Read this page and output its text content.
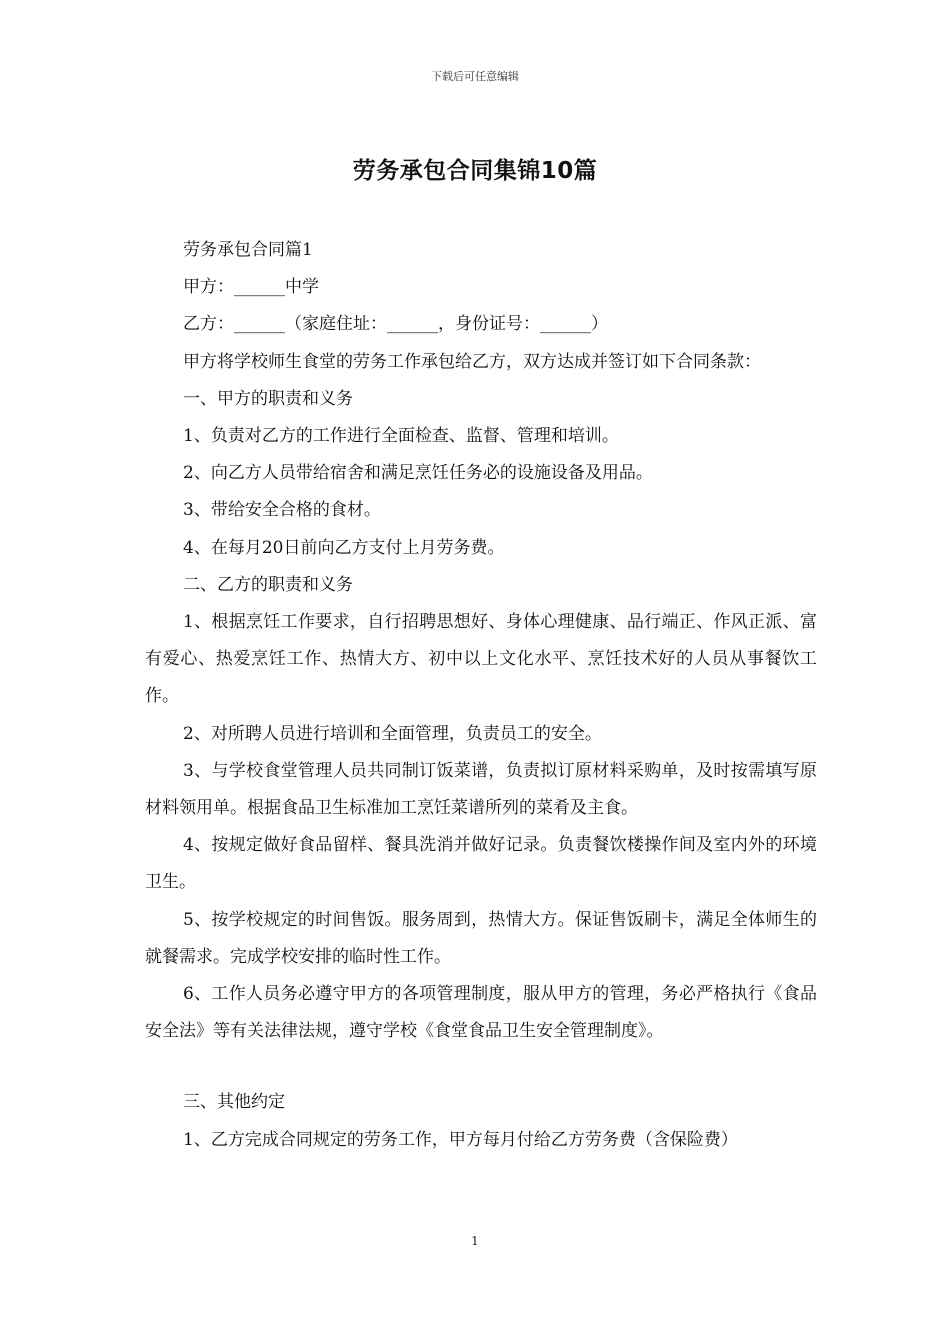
下载后可任意编辑
劳务承包合同集锦10篇

劳务承包合同篇1

甲方：______中学

乙方：______（家庭住址：______，身份证号：______）

甲方将学校师生食堂的劳务工作承包给乙方，双方达成并签订如下合同条款：

一、甲方的职责和义务

1、负责对乙方的工作进行全面检查、监督、管理和培训。

2、向乙方人员带给宿舍和满足烹饪任务必的设施设备及用品。

3、带给安全合格的食材。

4、在每月20日前向乙方支付上月劳务费。

二、乙方的职责和义务

1、根据烹饪工作要求，自行招聘思想好、身体心理健康、品行端正、作风正派、富有爱心、热爱烹饪工作、热情大方、初中以上文化水平、烹饪技术好的人员从事餐饮工作。

2、对所聘人员进行培训和全面管理，负责员工的安全。

3、与学校食堂管理人员共同制订饭菜谱，负责拟订原材料采购单，及时按需填写原材料领用单。根据食品卫生标准加工烹饪菜谱所列的菜肴及主食。

4、按规定做好食品留样、餐具洗消并做好记录。负责餐饮楼操作间及室内外的环境卫生。

5、按学校规定的时间售饭。服务周到，热情大方。保证售饭刷卡，满足全体师生的就餐需求。完成学校安排的临时性工作。

6、工作人员务必遵守甲方的各项管理制度，服从甲方的管理，务必严格执行《食品安全法》等有关法律法规，遵守学校《食堂食品卫生安全管理制度》。

三、其他约定

1、乙方完成合同规定的劳务工作，甲方每月付给乙方劳务费（含保险费）

1
